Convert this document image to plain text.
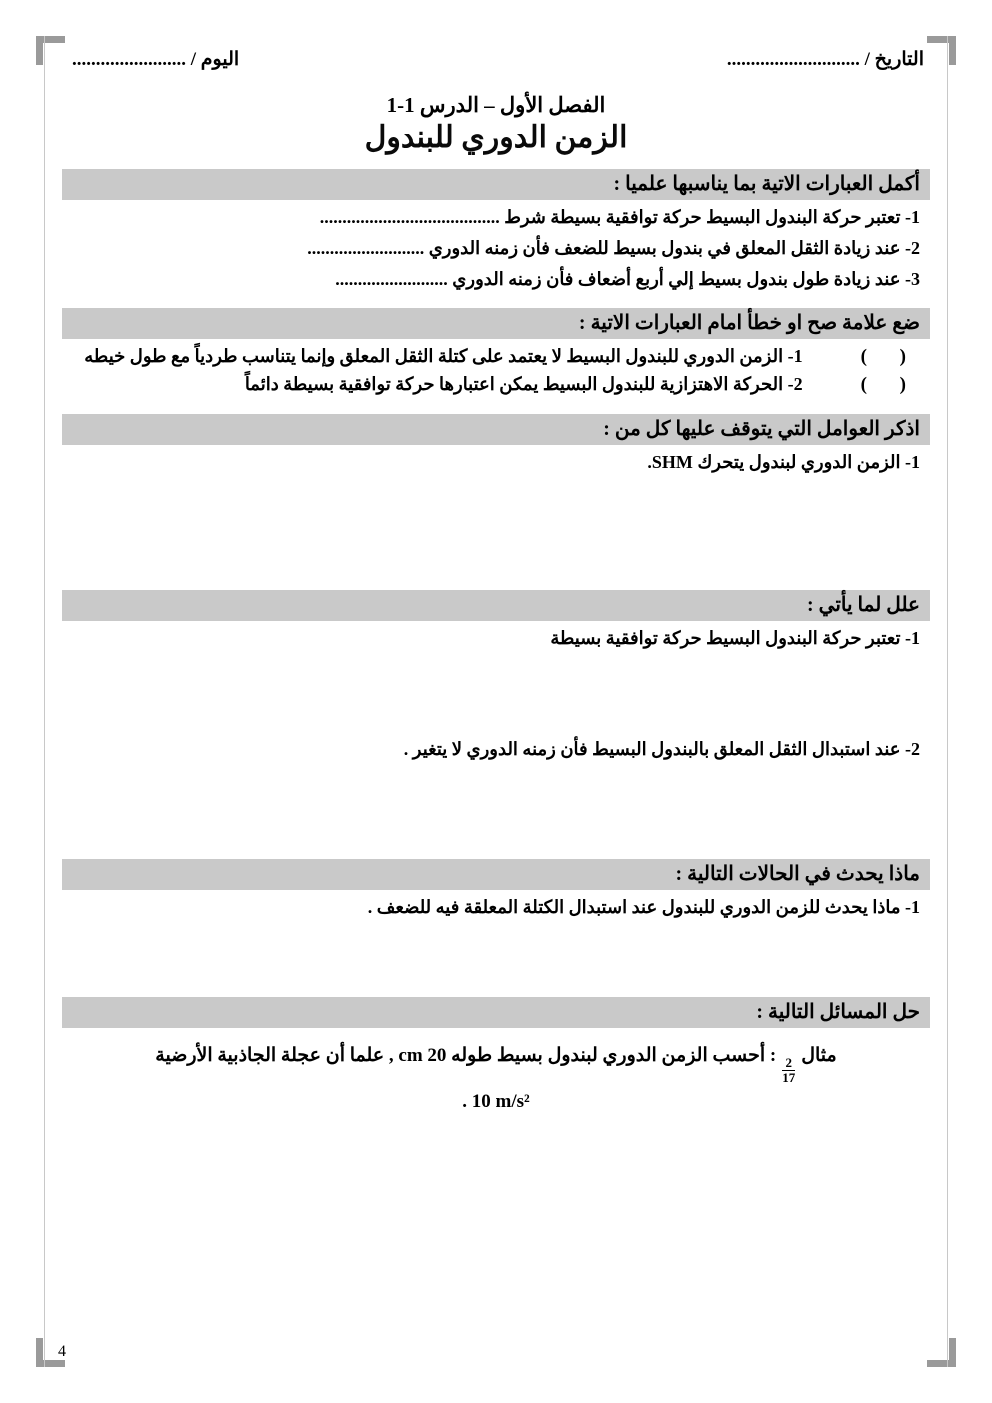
التاريخ / ............................
اليوم / ........................
الفصل الأول – الدرس 1-1
الزمن الدوري للبندول
أكمل العبارات الاتية بما يناسبها علميا :
1- تعتبر حركة البندول البسيط حركة توافقية بسيطة شرط ........................................
2- عند زيادة الثقل المعلق في بندول بسيط للضعف فأن زمنه الدوري ..........................
3- عند زيادة طول بندول بسيط إلي أربع أضعاف فأن زمنه الدوري .........................
ضع علامة صح او خطأ امام العبارات الاتية :
( )
1- الزمن الدوري للبندول البسيط لا يعتمد على كتلة الثقل المعلق وإنما يتناسب طردياً مع طول خيطه
( )
2- الحركة الاهتزازية للبندول البسيط يمكن اعتبارها حركة توافقية بسيطة دائماً
اذكر العوامل التي يتوقف عليها كل من :
1- الزمن الدوري لبندول يتحرك SHM.
علل لما يأتي :
1- تعتبر حركة البندول البسيط حركة توافقية بسيطة
2- عند استبدال الثقل المعلق بالبندول البسيط فأن زمنه الدوري لا يتغير .
ماذا يحدث في الحالات التالية :
1- ماذا يحدث للزمن الدوري للبندول عند استبدال الكتلة المعلقة فيه للضعف .
حل المسائل التالية :
مثال
$\frac{2}{17}$
: أحسب الزمن الدوري لبندول بسيط طوله 20 cm , علما أن عجلة الجاذبية الأرضية
. 10 m/s²
4
